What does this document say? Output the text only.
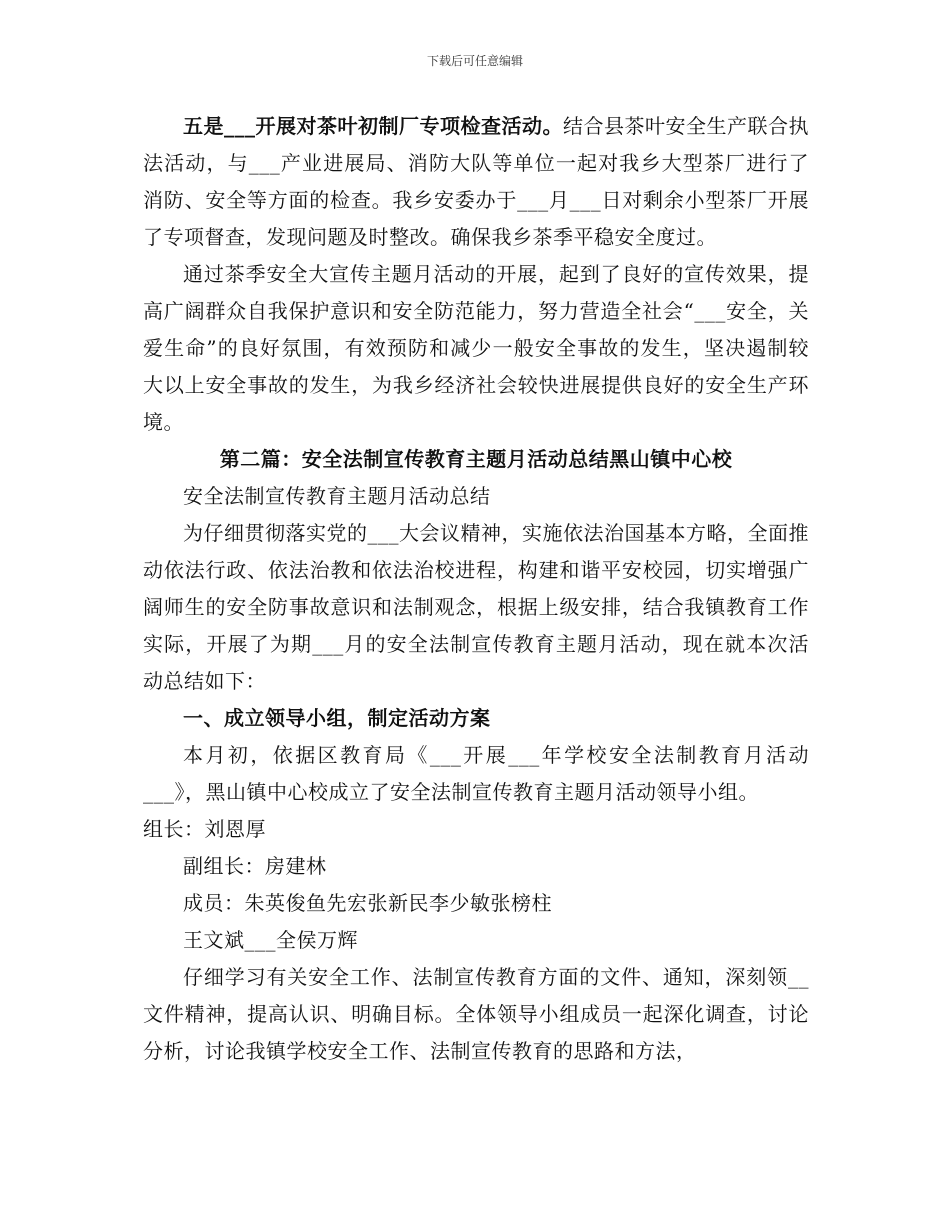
下载后可任意编辑

五是___开展对茶叶初制厂专项检查活动。结合县茶叶安全生产联合执法活动，与___产业进展局、消防大队等单位一起对我乡大型茶厂进行了消防、安全等方面的检查。我乡安委办于___月___日对剩余小型茶厂开展了专项督查，发现问题及时整改。确保我乡茶季平稳安全度过。

通过茶季安全大宣传主题月活动的开展，起到了良好的宣传效果，提高广阔群众自我保护意识和安全防范能力，努力营造全社会“___安全，关爱生命”的良好氛围，有效预防和减少一般安全事故的发生，坚决遏制较大以上安全事故的发生，为我乡经济社会较快进展提供良好的安全生产环境。

第二篇：安全法制宣传教育主题月活动总结黑山镇中心校

安全法制宣传教育主题月活动总结

为仔细贯彻落实党的___大会议精神，实施依法治国基本方略，全面推动依法行政、依法治教和依法治校进程，构建和谐平安校园，切实增强广阔师生的安全防事故意识和法制观念，根据上级安排，结合我镇教育工作实际，开展了为期___月的安全法制宣传教育主题月活动，现在就本次活动总结如下：

一、成立领导小组，制定活动方案

本月初，依据区教育局《___开展___年学校安全法制教育月活动___》，黑山镇中心校成立了安全法制宣传教育主题月活动领导小组。

组长：刘恩厚

副组长：房建林

成员：朱英俊鱼先宏张新民李少敏张榜柱

王文斌___全侯万辉

仔细学习有关安全工作、法制宣传教育方面的文件、通知，深刻领__文件精神，提高认识、明确目标。全体领导小组成员一起深化调查，讨论分析，讨论我镇学校安全工作、法制宣传教育的思路和方法，
